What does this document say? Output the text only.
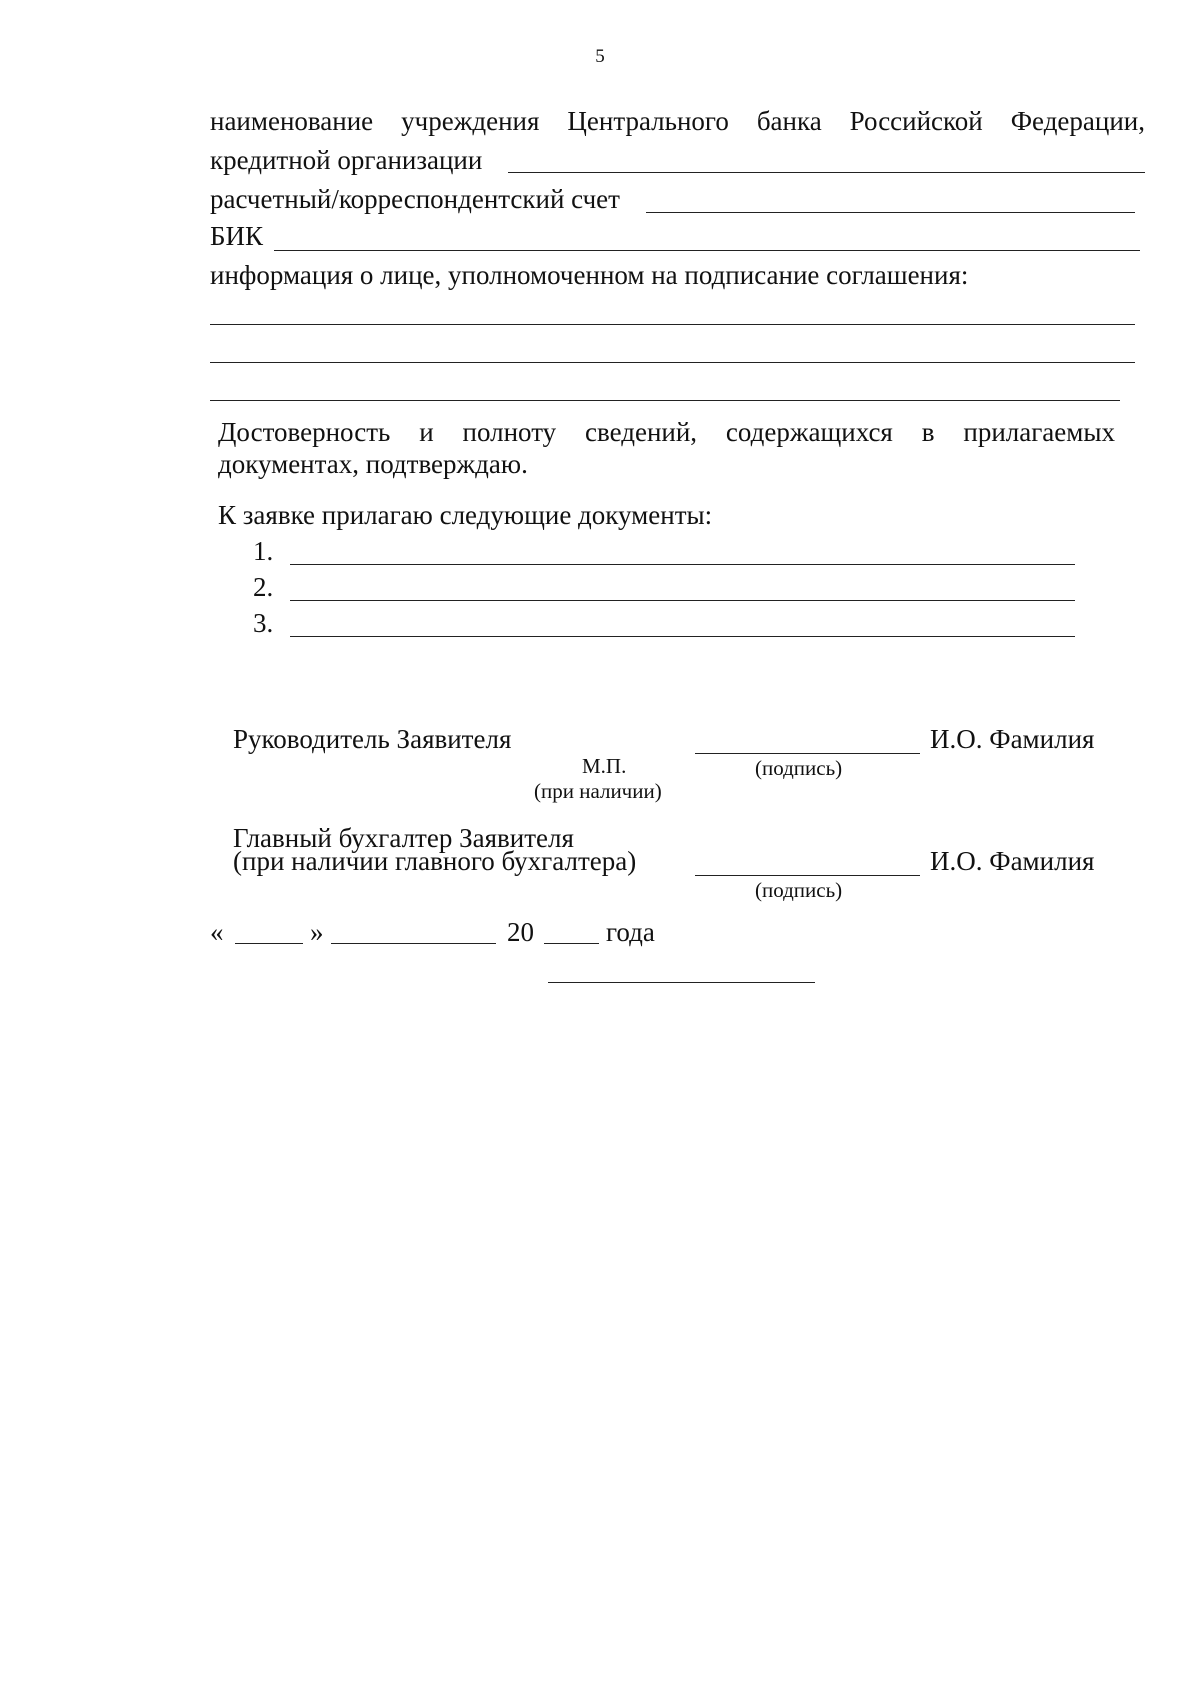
5
наименование учреждения Центрального банка Российской Федерации,
кредитной организации
расчетный/корреспондентский счет
БИК
информация о лице, уполномоченном на подписание соглашения:
Достоверность и полноту сведений, содержащихся в прилагаемых
документах, подтверждаю.
К заявке прилагаю следующие документы:
1.
2.
3.
Руководитель Заявителя	И.О. Фамилия
М.П.	(подпись)
(при наличии)
Главный бухгалтер Заявителя
(при наличии главного бухгалтера)	И.О. Фамилия
(подпись)
«	»	20	года
